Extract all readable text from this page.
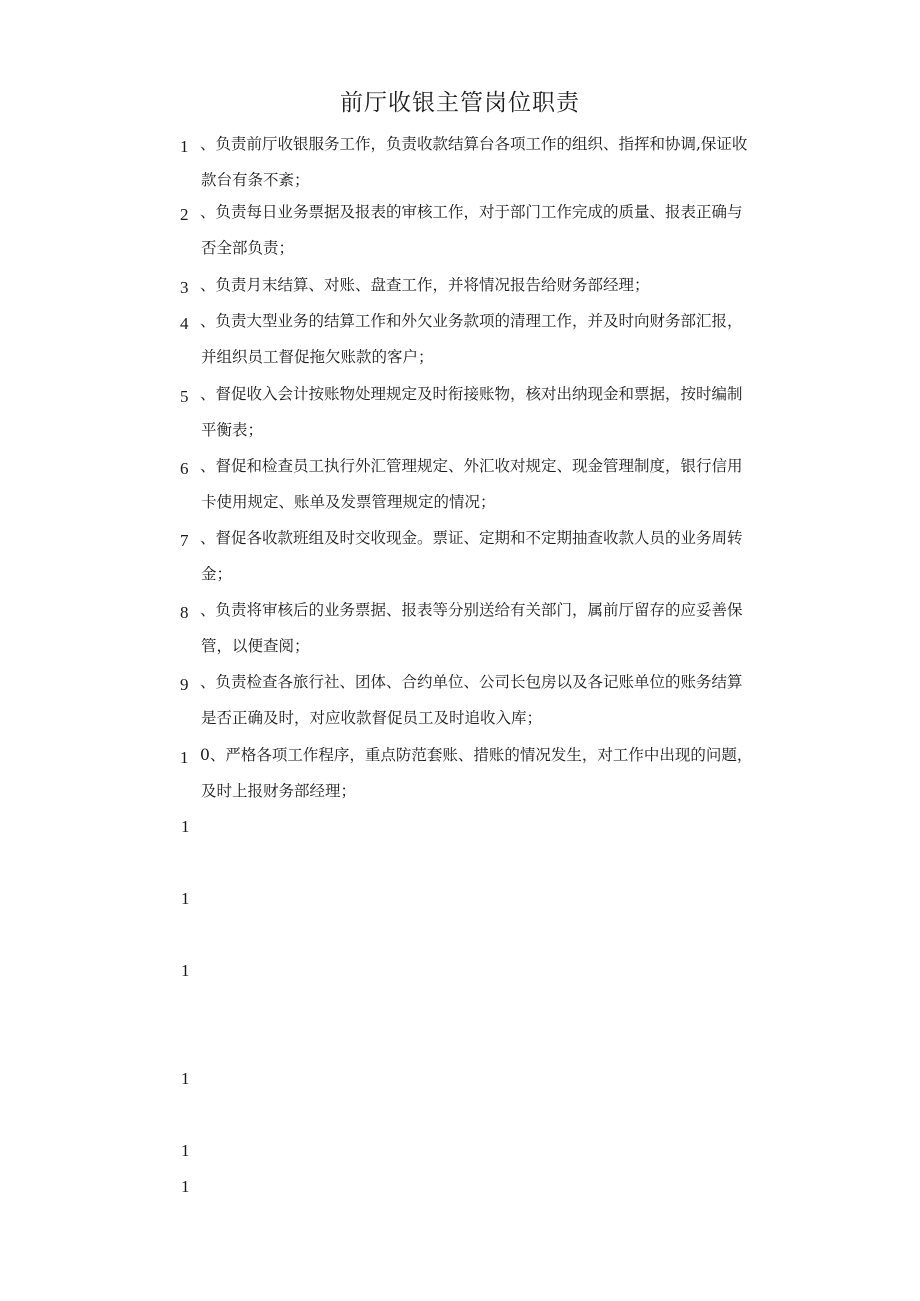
前厅收银主管岗位职责
1 、负责前厅收银服务工作，负责收款结算台各项工作的组织、指挥和协调,保证收
款台有条不紊；
2 、负责每日业务票据及报表的审核工作，对于部门工作完成的质量、报表正确与
否全部负责；
3 、负责月末结算、对账、盘查工作，并将情况报告给财务部经理；
4 、负责大型业务的结算工作和外欠业务款项的清理工作，并及时向财务部汇报，
并组织员工督促拖欠账款的客户；
5 、督促收入会计按账物处理规定及时衔接账物，核对出纳现金和票据，按时编制
平衡表；
6 、督促和检查员工执行外汇管理规定、外汇收对规定、现金管理制度，银行信用
卡使用规定、账单及发票管理规定的情况；
7 、督促各收款班组及时交收现金。票证、定期和不定期抽查收款人员的业务周转
金；
8 、负责将审核后的业务票据、报表等分别送给有关部门，属前厅留存的应妥善保
管，以便查阅；
9 、负责检查各旅行社、团体、合约单位、公司长包房以及各记账单位的账务结算
是否正确及时，对应收款督促员工及时追收入库；
1 0、严格各项工作程序，重点防范套账、措账的情况发生，对工作中出现的问题，
及时上报财务部经理；
1
1
1
1
1
1
